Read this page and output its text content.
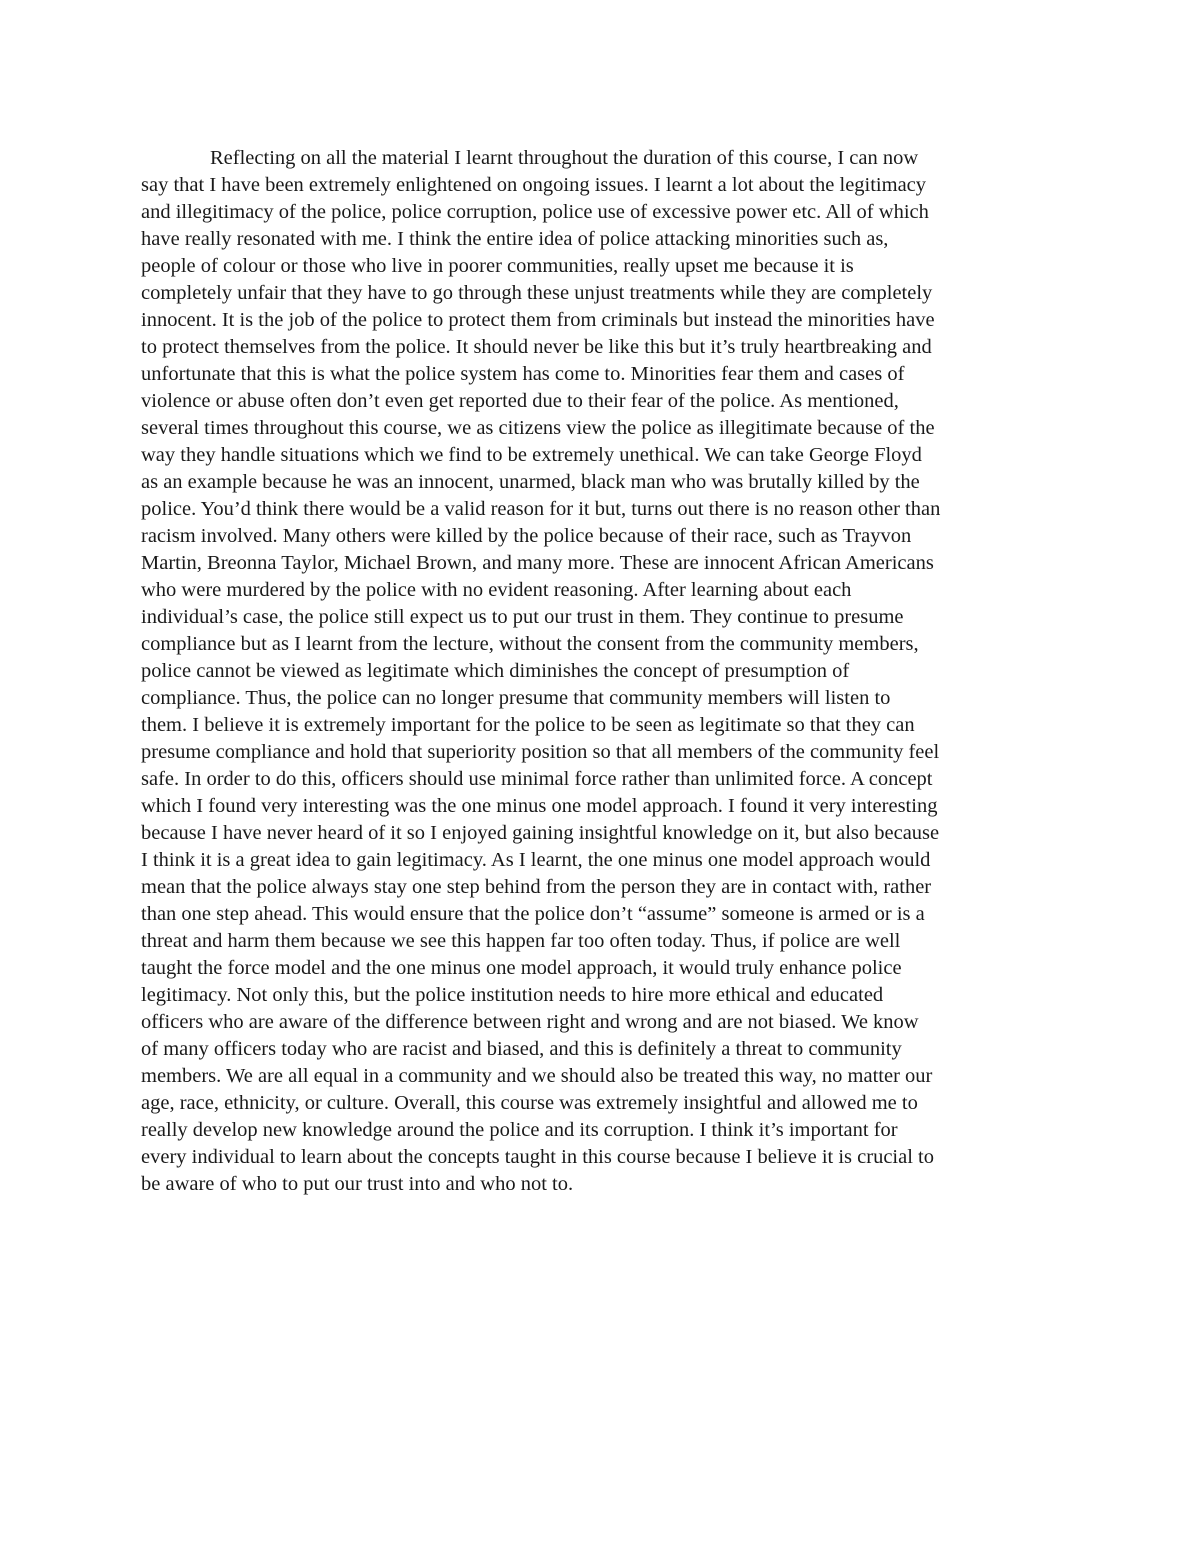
Reflecting on all the material I learnt throughout the duration of this course, I can now
say that I have been extremely enlightened on ongoing issues. I learnt a lot about the legitimacy
and illegitimacy of the police, police corruption, police use of excessive power etc. All of which
have really resonated with me. I think the entire idea of police attacking minorities such as,
people of colour or those who live in poorer communities, really upset me because it is
completely unfair that they have to go through these unjust treatments while they are completely
innocent. It is the job of the police to protect them from criminals but instead the minorities have
to protect themselves from the police. It should never be like this but it’s truly heartbreaking and
unfortunate that this is what the police system has come to. Minorities fear them and cases of
violence or abuse often don’t even get reported due to their fear of the police. As mentioned,
several times throughout this course, we as citizens view the police as illegitimate because of the
way they handle situations which we find to be extremely unethical. We can take George Floyd
as an example because he was an innocent, unarmed, black man who was brutally killed by the
police. You’d think there would be a valid reason for it but, turns out there is no reason other than
racism involved. Many others were killed by the police because of their race, such as Trayvon
Martin, Breonna Taylor, Michael Brown, and many more. These are innocent African Americans
who were murdered by the police with no evident reasoning. After learning about each
individual’s case, the police still expect us to put our trust in them. They continue to presume
compliance but as I learnt from the lecture, without the consent from the community members,
police cannot be viewed as legitimate which diminishes the concept of presumption of
compliance. Thus, the police can no longer presume that community members will listen to
them. I believe it is extremely important for the police to be seen as legitimate so that they can
presume compliance and hold that superiority position so that all members of the community feel
safe. In order to do this, officers should use minimal force rather than unlimited force. A concept
which I found very interesting was the one minus one model approach. I found it very interesting
because I have never heard of it so I enjoyed gaining insightful knowledge on it, but also because
I think it is a great idea to gain legitimacy. As I learnt, the one minus one model approach would
mean that the police always stay one step behind from the person they are in contact with, rather
than one step ahead. This would ensure that the police don’t “assume” someone is armed or is a
threat and harm them because we see this happen far too often today. Thus, if police are well
taught the force model and the one minus one model approach, it would truly enhance police
legitimacy. Not only this, but the police institution needs to hire more ethical and educated
officers who are aware of the difference between right and wrong and are not biased. We know
of many officers today who are racist and biased, and this is definitely a threat to community
members. We are all equal in a community and we should also be treated this way, no matter our
age, race, ethnicity, or culture. Overall, this course was extremely insightful and allowed me to
really develop new knowledge around the police and its corruption. I think it’s important for
every individual to learn about the concepts taught in this course because I believe it is crucial to
be aware of who to put our trust into and who not to.
